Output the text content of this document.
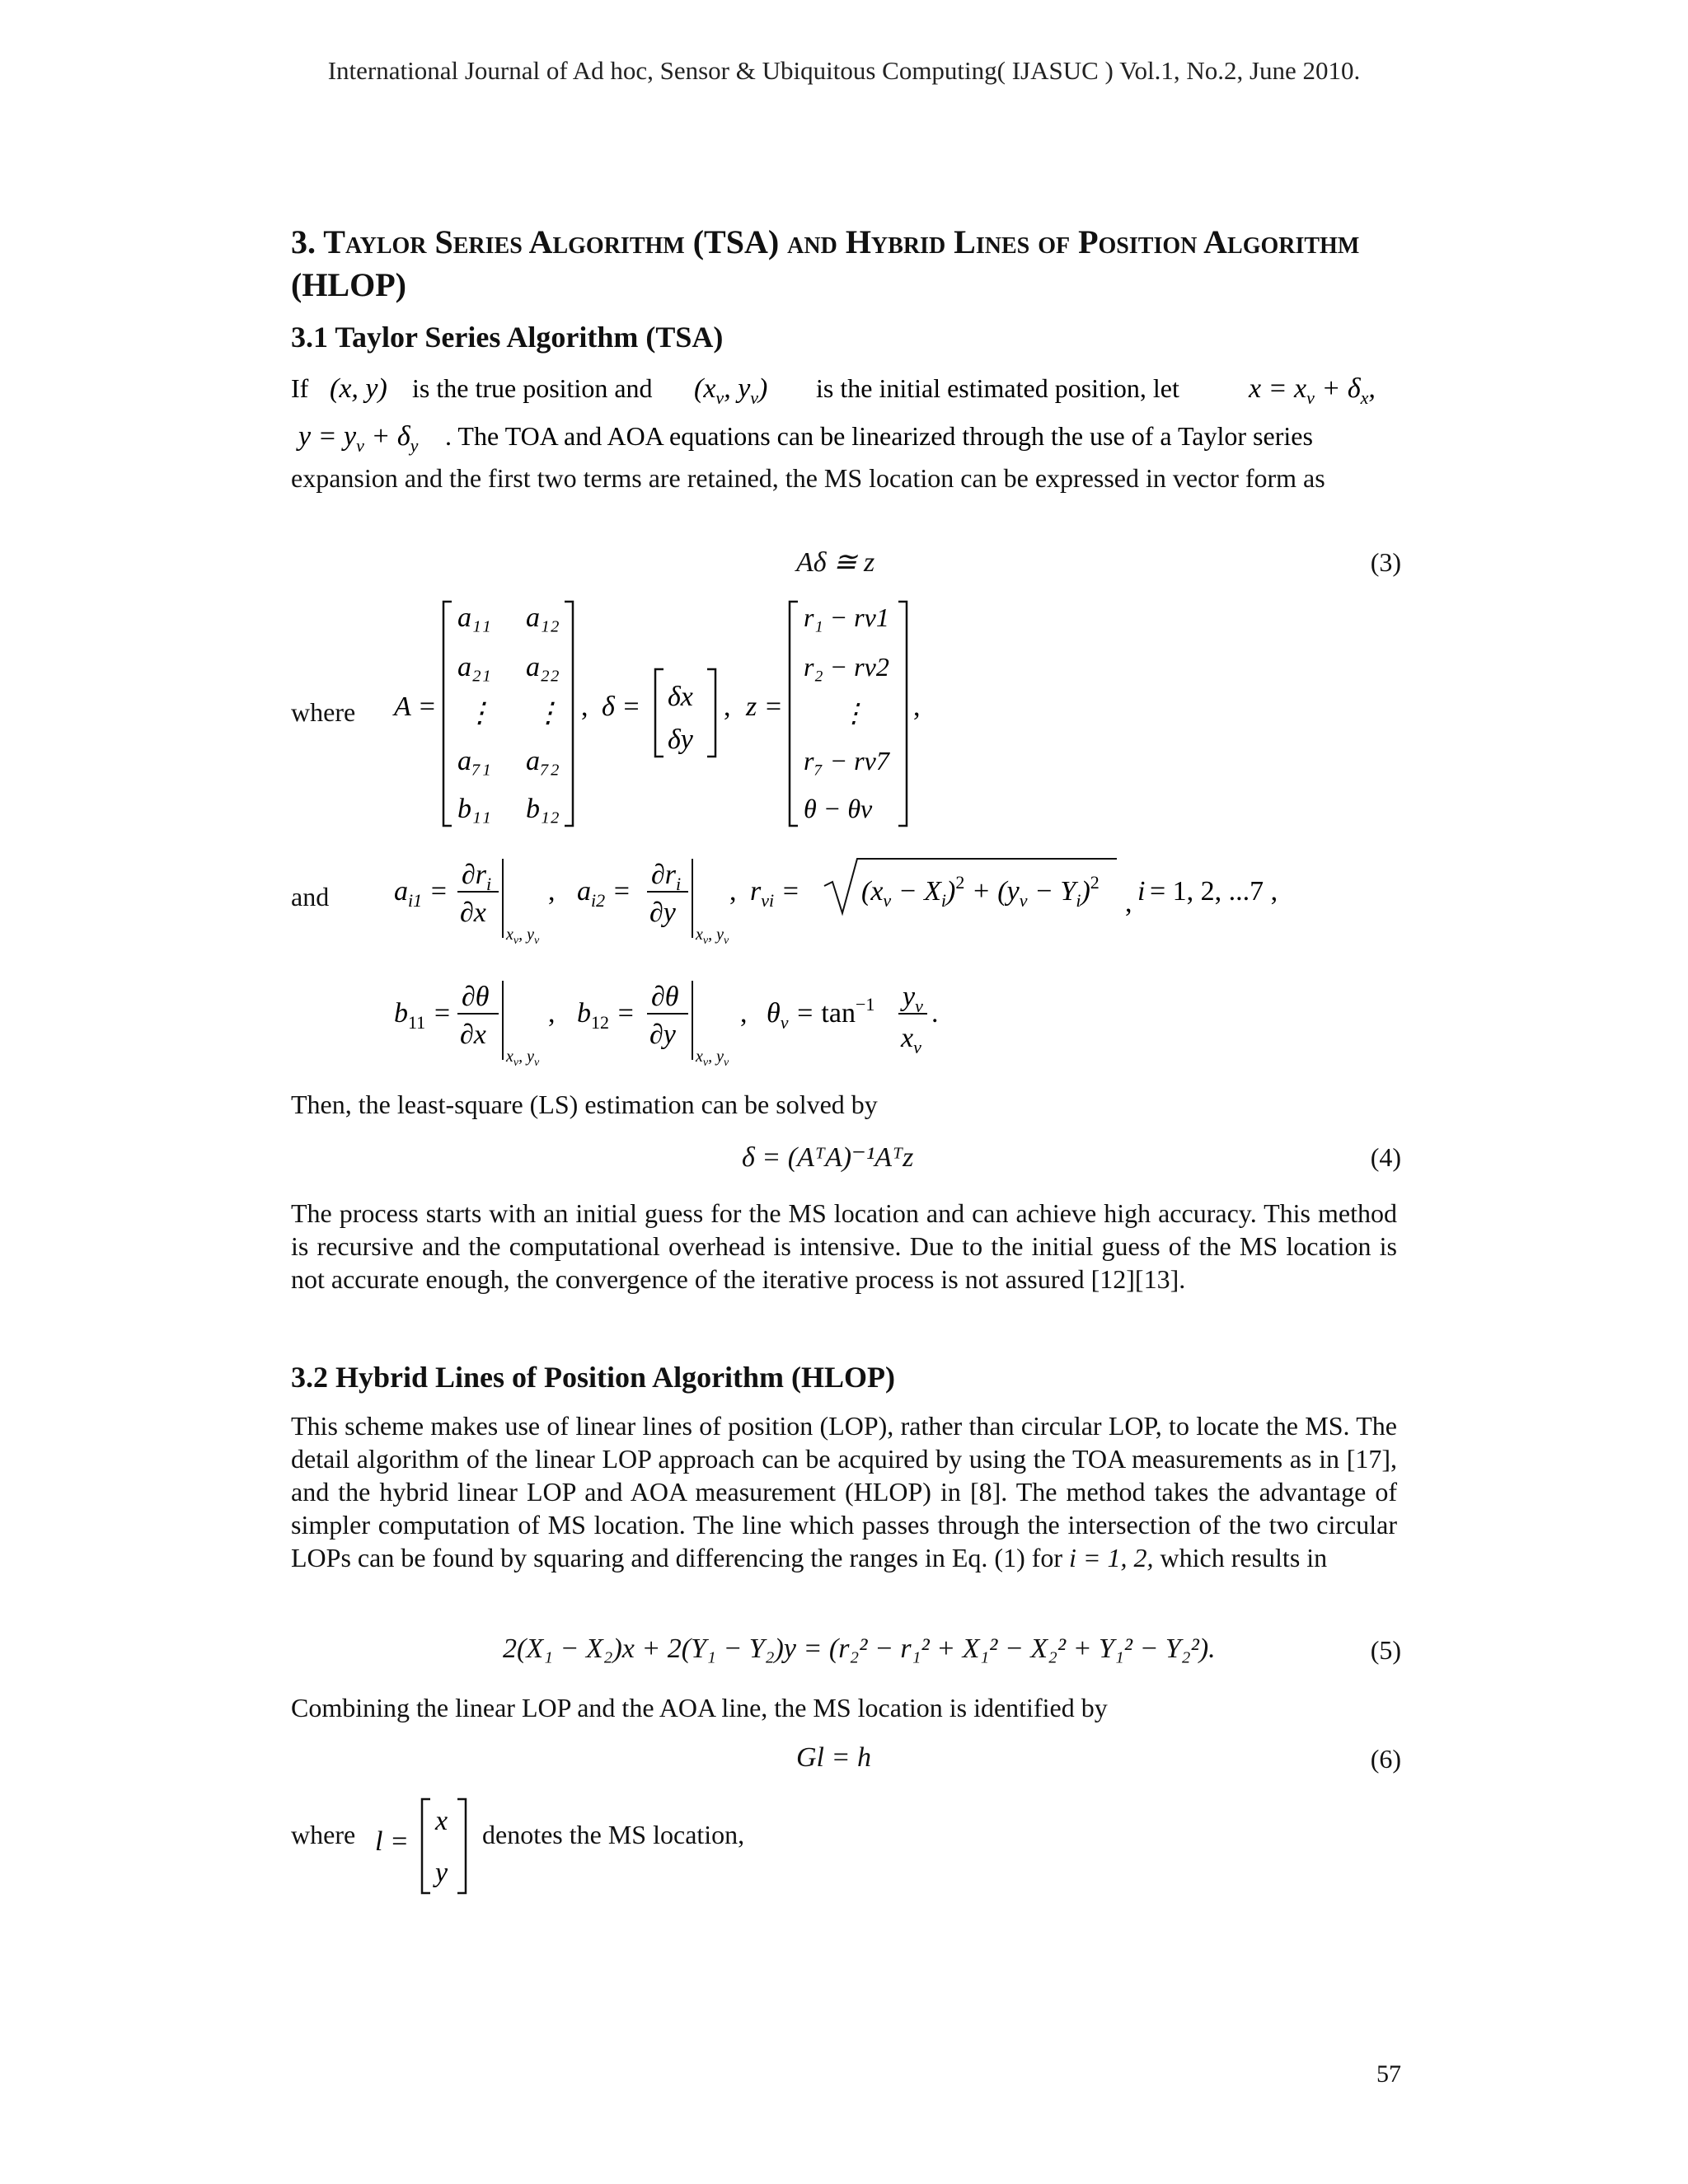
International Journal of Ad hoc, Sensor & Ubiquitous Computing( IJASUC ) Vol.1, No.2, June 2010.
3. Taylor Series Algorithm (TSA) and Hybrid Lines of Position Algorithm (HLOP)
3.1 Taylor Series Algorithm (TSA)
If (x, y) is the true position and ($x_v$, $y_v$) is the initial estimated position, let $x = x_v + \delta_x$,
$y = y_v + \delta_y$ . The TOA and AOA equations can be linearized through the use of a Taylor series

expansion and the first two terms are retained, the MS location can be expressed in vector form as

Aδ ≅ z	(3)
where A =
a₁₁ a₁₂
a₂₁ a₂₂
⋮ ⋮
a₇₁ a₇₂
b₁₁ b₁₂
, δ = δx
δy
, z =
r₁ − rv1
r₂ − rv2
⋮
r₇ − rv7
θ − θv
,
and $a_{i1}$ =
$\partial r_i$
∂x
$x_v$, $y_v$
, $a_{i2}$ =
$\partial r_i$
∂y
$x_v$, $y_v$
, $r_{vi} = (x_v - X_i)^2 + (y_v - Y_i)^2$
, i = 1, 2, ...7 ,
$b_{11}$ =
∂θ
∂x
$x_v$, $y_v$
, $b_{12}$ =
∂θ
∂y
$x_v$, $y_v$
, $\theta_v = \tan^{-1} y_v$
$x_v$
.

Then, the least-square (LS) estimation can be solved by

δ = (AᵀA)⁻¹Aᵀz	(4)

The process starts with an initial guess for the MS location and can achieve high accuracy. This method is recursive and the computational overhead is intensive. Due to the initial guess of the MS location is not accurate enough, the convergence of the iterative process is not assured [12][13].

3.2 Hybrid Lines of Position Algorithm (HLOP)

This scheme makes use of linear lines of position (LOP), rather than circular LOP, to locate the MS. The detail algorithm of the linear LOP approach can be acquired by using the TOA measurements as in [17], and the hybrid linear LOP and AOA measurement (HLOP) in [8]. The method takes the advantage of simpler computation of MS location. The line which passes through the intersection of the two circular LOPs can be found by squaring and differencing the ranges in Eq. (1) for i = 1, 2, which results in

2(X₁ − X₂)x + 2(Y₁ − Y₂)y = (r₂² − r₁² + X₁² − X₂² + Y₁² − Y₂²).	(5)

Combining the linear LOP and the AOA line, the MS location is identified by

Gl = h	(6)
where l =
x
y
denotes the MS location,
57
